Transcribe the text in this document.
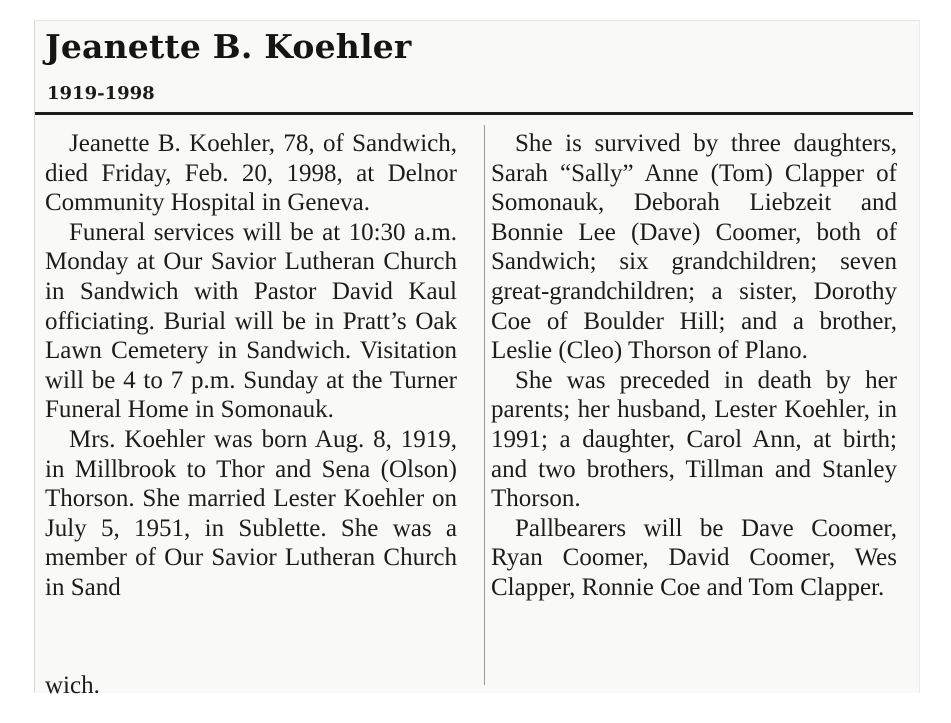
Jeanette B. Koehler
1919-1998

Jeanette B. Koehler, 78, of Sandwich, died Friday, Feb. 20, 1998, at Delnor Community Hospital in Geneva.

Funeral services will be at 10:30 a.m. Monday at Our Savior Lutheran Church in Sandwich with Pastor David Kaul officiating. Burial will be in Pratt’s Oak Lawn Cemetery in Sandwich. Visitation will be 4 to 7 p.m. Sunday at the Turner Funeral Home in Somonauk.

Mrs. Koehler was born Aug. 8, 1919, in Millbrook to Thor and Sena (Olson) Thorson. She married Lester Koehler on July 5, 1951, in Sublette. She was a member of Our Savior Lutheran Church in Sand

wich.

She is survived by three daughters, Sarah “Sally” Anne (Tom) Clapper of Somonauk, Deborah Liebzeit and Bonnie Lee (Dave) Coomer, both of Sandwich; six grandchildren; seven great-grandchildren; a sister, Dorothy Coe of Boulder Hill; and a brother, Leslie (Cleo) Thorson of Plano.

She was preceded in death by her parents; her husband, Lester Koehler, in 1991; a daughter, Carol Ann, at birth; and two brothers, Tillman and Stanley Thorson.

Pallbearers will be Dave Coomer, Ryan Coomer, David Coomer, Wes Clapper, Ronnie Coe and Tom Clapper.
